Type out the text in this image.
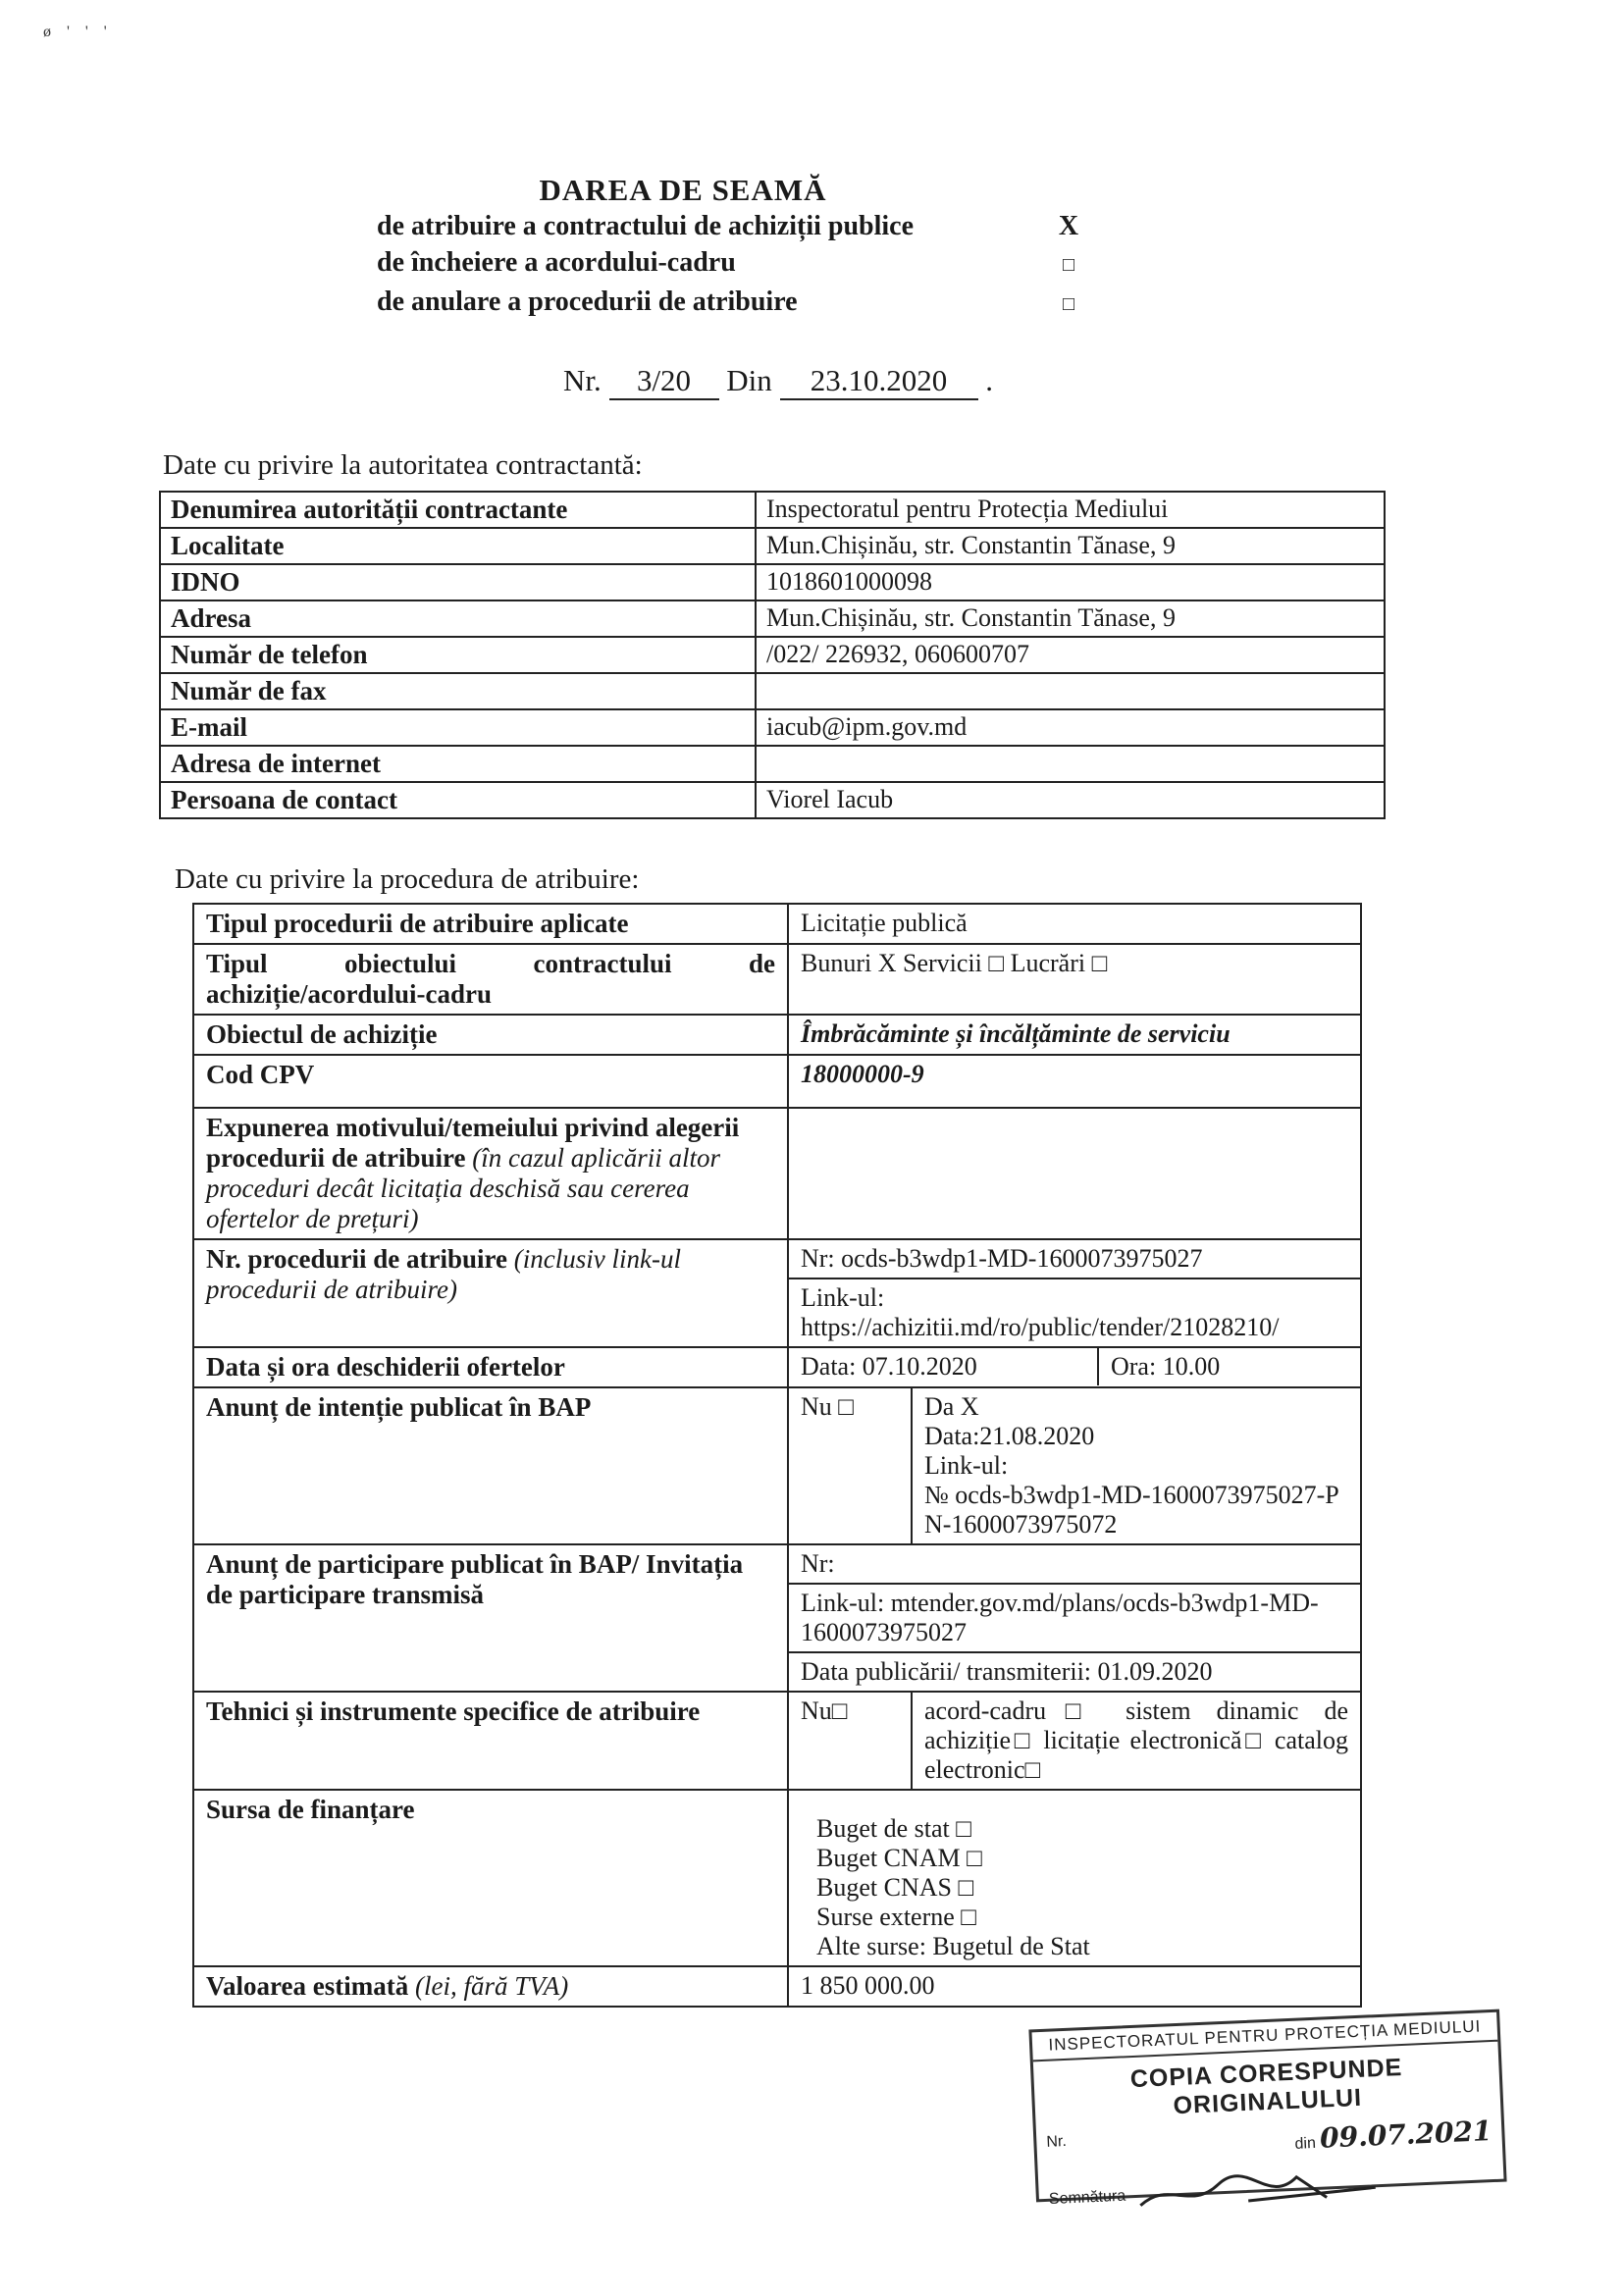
ø ' ' '
DAREA DE SEAMĂ
de atribuire a contractului de achiziții publice	X
de încheiere a acordului-cadru	□
de anulare a procedurii de atribuire	□
Nr. 3/20 Din 23.10.2020 .
Date cu privire la autoritatea contractantă:
Denumirea autorității contractante	Inspectoratul pentru Protecția Mediului
Localitate	Mun.Chișinău, str. Constantin Tănase, 9
IDNO	1018601000098
Adresa	Mun.Chișinău, str. Constantin Tănase, 9
Număr de telefon	/022/ 226932, 060600707
Număr de fax	
E-mail	iacub@ipm.gov.md
Adresa de internet	
Persoana de contact	Viorel Iacub
Date cu privire la procedura de atribuire:
Tipul procedurii de atribuire aplicate	Licitație publică
Tipul obiectului contractului de achiziție/acordului-cadru	Bunuri X Servicii □ Lucrări □
Obiectul de achiziție	Îmbrăcăminte și încălțăminte de serviciu
Cod CPV	18000000-9
Expunerea motivului/temeiului privind alegerii procedurii de atribuire (în cazul aplicării altor proceduri decât licitația deschisă sau cererea ofertelor de prețuri)	
Nr. procedurii de atribuire (inclusiv link-ul procedurii de atribuire)	Nr: ocds-b3wdp1-MD-1600073975027
Link-ul:
https://achizitii.md/ro/public/tender/21028210/

Data și ora deschiderii ofertelor	Data: 07.10.2020 Ora: 10.00

Anunț de intenție publicat în BAP	Nu □ Da X
Data:21.08.2020
Link-ul:
№ ocds-b3wdp1-MD-1600073975027-PN-1600073975072

Anunț de participare publicat în BAP/ Invitația de participare transmisă	Nr:
Link-ul: mtender.gov.md/plans/ocds-b3wdp1-MD-1600073975027
Data publicării/ transmiterii: 01.09.2020

Tehnici și instrumente specifice de atribuire	Nu□ acord-cadru□ sistem dinamic de achiziție□ licitație electronică□ catalog electronic□

Sursa de finanțare	Buget de stat □
Buget CNAM □
Buget CNAS □
Surse externe □
Alte surse: Bugetul de Stat

Valoarea estimată (lei, fără TVA)	1 850 000.00
INSPECTORATUL PENTRU PROTECȚIA MEDIULUI
COPIA CORESPUNDE ORIGINALULUI
Nr.	din 09.07.2021
Semnătura
